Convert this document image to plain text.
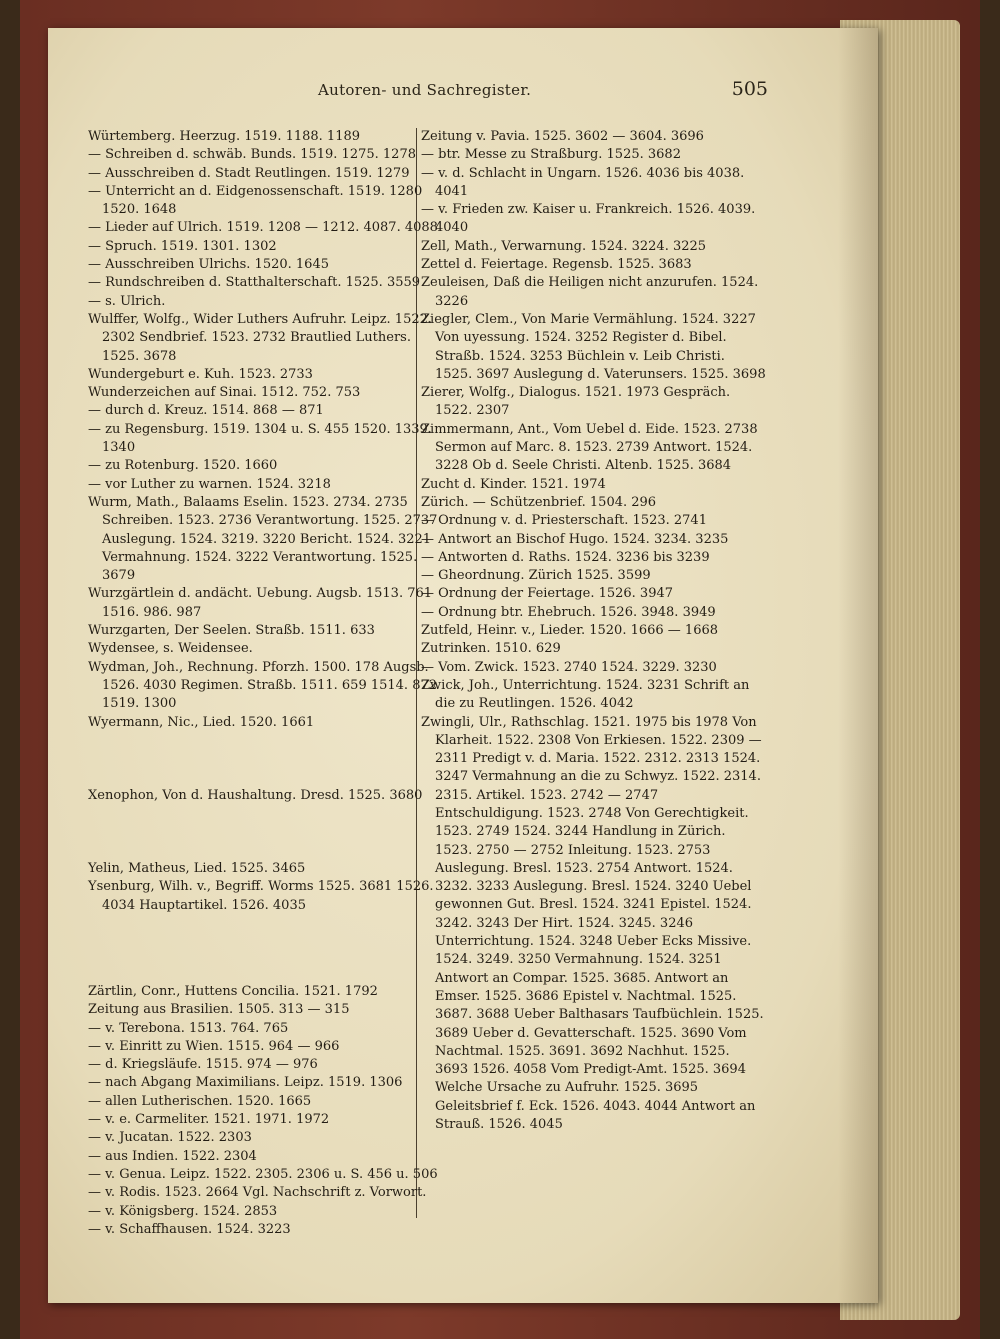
Autoren- und Sachregister.	505

Würtemberg. Heerzug. 1519. 1188. 1189

— Schreiben d. schwäb. Bunds. 1519. 1275. 1278

— Ausschreiben d. Stadt Reutlingen. 1519. 1279

— Unterricht an d. Eidgenossenschaft. 1519. 1280 1520. 1648

— Lieder auf Ulrich. 1519. 1208 — 1212. 4087. 4088

— Spruch. 1519. 1301. 1302

— Ausschreiben Ulrichs. 1520. 1645

— Rundschreiben d. Statthalterschaft. 1525. 3559

— s. Ulrich.

Wulffer, Wolfg., Wider Luthers Aufruhr. Leipz. 1522. 2302 Sendbrief. 1523. 2732 Brautlied Luthers. 1525. 3678

Wundergeburt e. Kuh. 1523. 2733

Wunderzeichen auf Sinai. 1512. 752. 753

— durch d. Kreuz. 1514. 868 — 871

— zu Regensburg. 1519. 1304 u. S. 455 1520. 1339. 1340

— zu Rotenburg. 1520. 1660

— vor Luther zu warnen. 1524. 3218

Wurm, Math., Balaams Eselin. 1523. 2734. 2735 Schreiben. 1523. 2736 Verantwortung. 1525. 2737 Auslegung. 1524. 3219. 3220 Bericht. 1524. 3221 Vermahnung. 1524. 3222 Verantwortung. 1525. 3679

Wurzgärtlein d. andächt. Uebung. Augsb. 1513. 761 1516. 986. 987

Wurzgarten, Der Seelen. Straßb. 1511. 633

Wydensee, s. Weidensee.

Wydman, Joh., Rechnung. Pforzh. 1500. 178 Augsb. 1526. 4030 Regimen. Straßb. 1511. 659 1514. 872 1519. 1300

Wyermann, Nic., Lied. 1520. 1661

Xenophon, Von d. Haushaltung. Dresd. 1525. 3680

Yelin, Matheus, Lied. 1525. 3465

Ysenburg, Wilh. v., Begriff. Worms 1525. 3681 1526. 4034 Hauptartikel. 1526. 4035

Zärtlin, Conr., Huttens Concilia. 1521. 1792

Zeitung aus Brasilien. 1505. 313 — 315

— v. Terebona. 1513. 764. 765

— v. Einritt zu Wien. 1515. 964 — 966

— d. Kriegsläufe. 1515. 974 — 976

— nach Abgang Maximilians. Leipz. 1519. 1306

— allen Lutherischen. 1520. 1665

— v. e. Carmeliter. 1521. 1971. 1972

— v. Jucatan. 1522. 2303

— aus Indien. 1522. 2304

— v. Genua. Leipz. 1522. 2305. 2306 u. S. 456 u. 506

— v. Rodis. 1523. 2664 Vgl. Nachschrift z. Vorwort.

— v. Königsberg. 1524. 2853

— v. Schaffhausen. 1524. 3223

Zeitung v. Pavia. 1525. 3602 — 3604. 3696

— btr. Messe zu Straßburg. 1525. 3682

— v. d. Schlacht in Ungarn. 1526. 4036 bis 4038. 4041

— v. Frieden zw. Kaiser u. Frankreich. 1526. 4039. 4040

Zell, Math., Verwarnung. 1524. 3224. 3225

Zettel d. Feiertage. Regensb. 1525. 3683

Zeuleisen, Daß die Heiligen nicht anzurufen. 1524. 3226

Ziegler, Clem., Von Marie Vermählung. 1524. 3227 Von uyessung. 1524. 3252 Register d. Bibel. Straßb. 1524. 3253 Büchlein v. Leib Christi. 1525. 3697 Auslegung d. Vaterunsers. 1525. 3698

Zierer, Wolfg., Dialogus. 1521. 1973 Gespräch. 1522. 2307

Zimmermann, Ant., Vom Uebel d. Eide. 1523. 2738 Sermon auf Marc. 8. 1523. 2739 Antwort. 1524. 3228 Ob d. Seele Christi. Altenb. 1525. 3684

Zucht d. Kinder. 1521. 1974

Zürich. — Schützenbrief. 1504. 296

— Ordnung v. d. Priesterschaft. 1523. 2741

— Antwort an Bischof Hugo. 1524. 3234. 3235

— Antworten d. Raths. 1524. 3236 bis 3239

— Gheordnung. Zürich 1525. 3599

— Ordnung der Feiertage. 1526. 3947

— Ordnung btr. Ehebruch. 1526. 3948. 3949

Zutfeld, Heinr. v., Lieder. 1520. 1666 — 1668

Zutrinken. 1510. 629

— Vom. Zwick. 1523. 2740 1524. 3229. 3230

Zwick, Joh., Unterrichtung. 1524. 3231 Schrift an die zu Reutlingen. 1526. 4042

Zwingli, Ulr., Rathschlag. 1521. 1975 bis 1978 Von Klarheit. 1522. 2308 Von Erkiesen. 1522. 2309 — 2311 Predigt v. d. Maria. 1522. 2312. 2313 1524. 3247 Vermahnung an die zu Schwyz. 1522. 2314. 2315. Artikel. 1523. 2742 — 2747 Entschuldigung. 1523. 2748 Von Gerechtigkeit. 1523. 2749 1524. 3244 Handlung in Zürich. 1523. 2750 — 2752 Inleitung. 1523. 2753 Auslegung. Bresl. 1523. 2754 Antwort. 1524. 3232. 3233 Auslegung. Bresl. 1524. 3240 Uebel gewonnen Gut. Bresl. 1524. 3241 Epistel. 1524. 3242. 3243 Der Hirt. 1524. 3245. 3246 Unterrichtung. 1524. 3248 Ueber Ecks Missive. 1524. 3249. 3250 Vermahnung. 1524. 3251 Antwort an Compar. 1525. 3685. Antwort an Emser. 1525. 3686 Epistel v. Nachtmal. 1525. 3687. 3688 Ueber Balthasars Taufbüchlein. 1525. 3689 Ueber d. Gevatterschaft. 1525. 3690 Vom Nachtmal. 1525. 3691. 3692 Nachhut. 1525. 3693 1526. 4058 Vom Predigt-Amt. 1525. 3694 Welche Ursache zu Aufruhr. 1525. 3695 Geleitsbrief f. Eck. 1526. 4043. 4044 Antwort an Strauß. 1526. 4045
